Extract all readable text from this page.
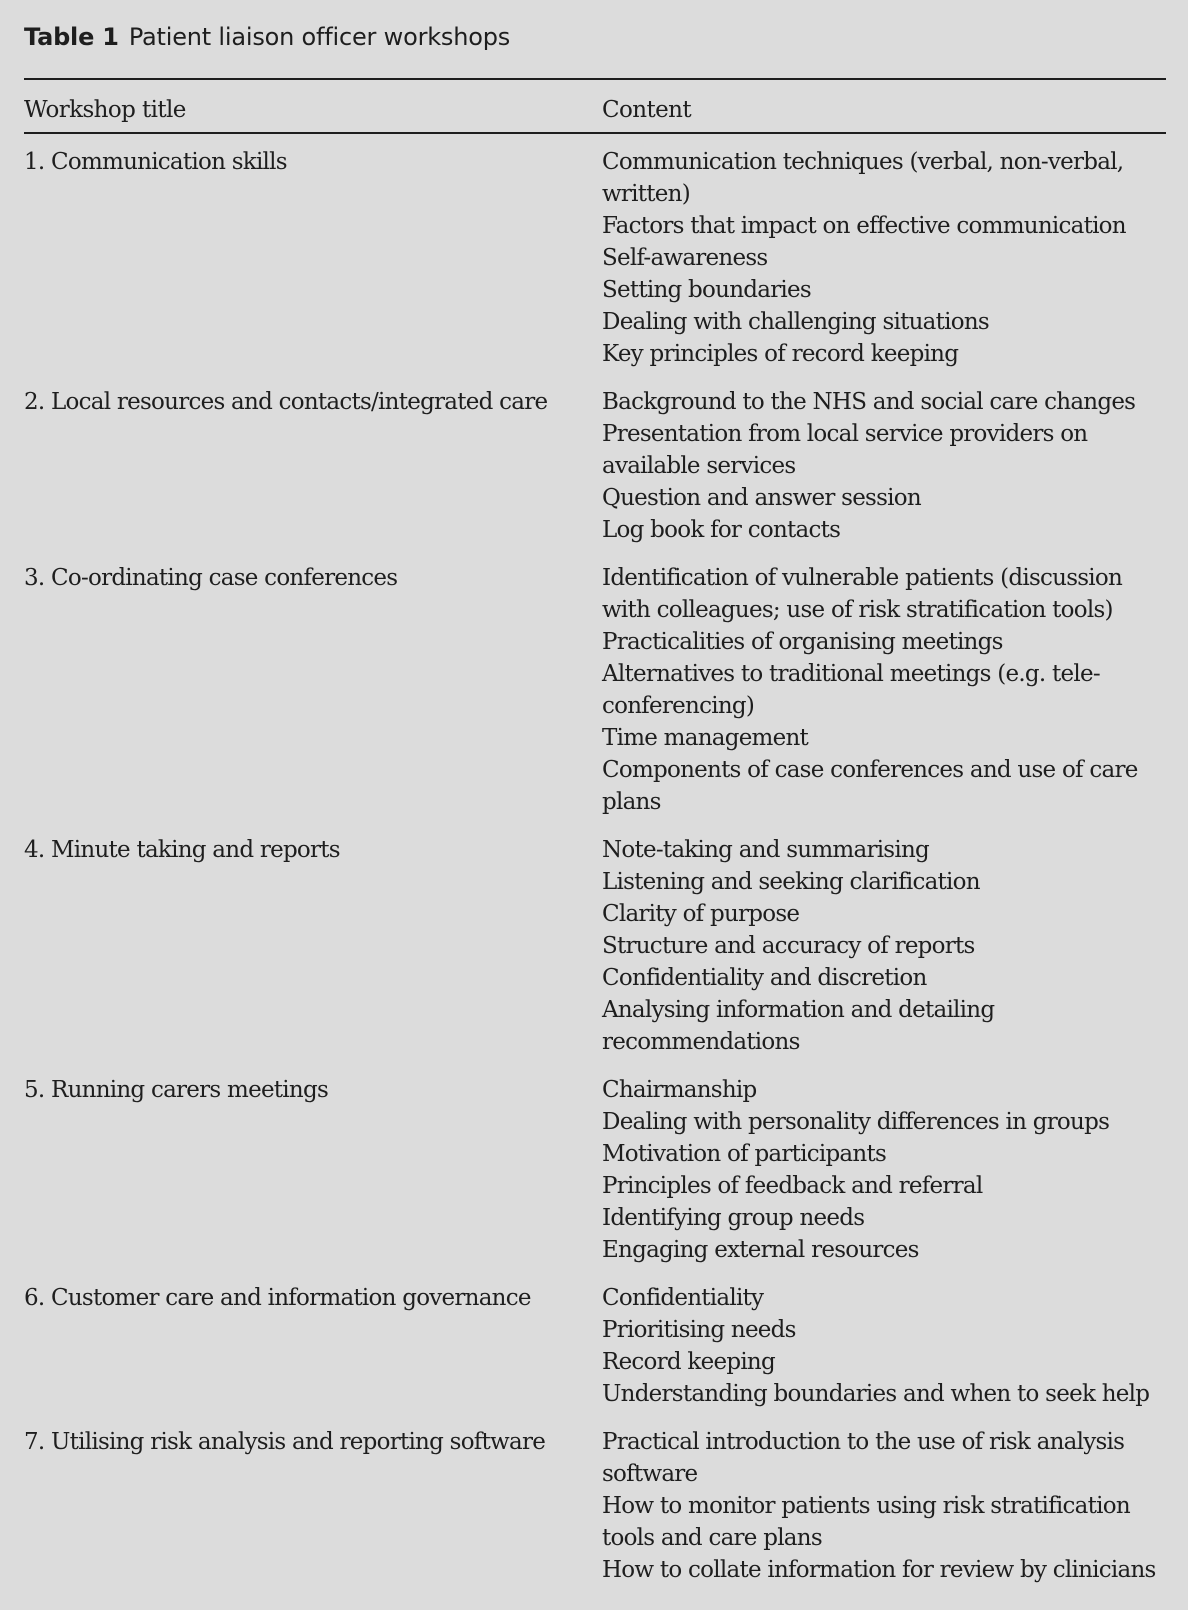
Table 1 Patient liaison officer workshops
Workshop title	Content
1. Communication skills	Communication techniques (verbal, non-verbal, written)
Factors that impact on effective communication
Self-awareness
Setting boundaries
Dealing with challenging situations
Key principles of record keeping
2. Local resources and contacts/integrated care	Background to the NHS and social care changes
Presentation from local service providers on available services
Question and answer session
Log book for contacts
3. Co-ordinating case conferences	Identification of vulnerable patients (discussion with colleagues; use of risk stratification tools)
Practicalities of organising meetings
Alternatives to traditional meetings (e.g. tele-conferencing)
Time management
Components of case conferences and use of care plans
4. Minute taking and reports	Note-taking and summarising
Listening and seeking clarification
Clarity of purpose
Structure and accuracy of reports
Confidentiality and discretion
Analysing information and detailing recommendations
5. Running carers meetings	Chairmanship
Dealing with personality differences in groups
Motivation of participants
Principles of feedback and referral
Identifying group needs
Engaging external resources
6. Customer care and information governance	Confidentiality
Prioritising needs
Record keeping
Understanding boundaries and when to seek help
7. Utilising risk analysis and reporting software	Practical introduction to the use of risk analysis software
How to monitor patients using risk stratification tools and care plans
How to collate information for review by clinicians
